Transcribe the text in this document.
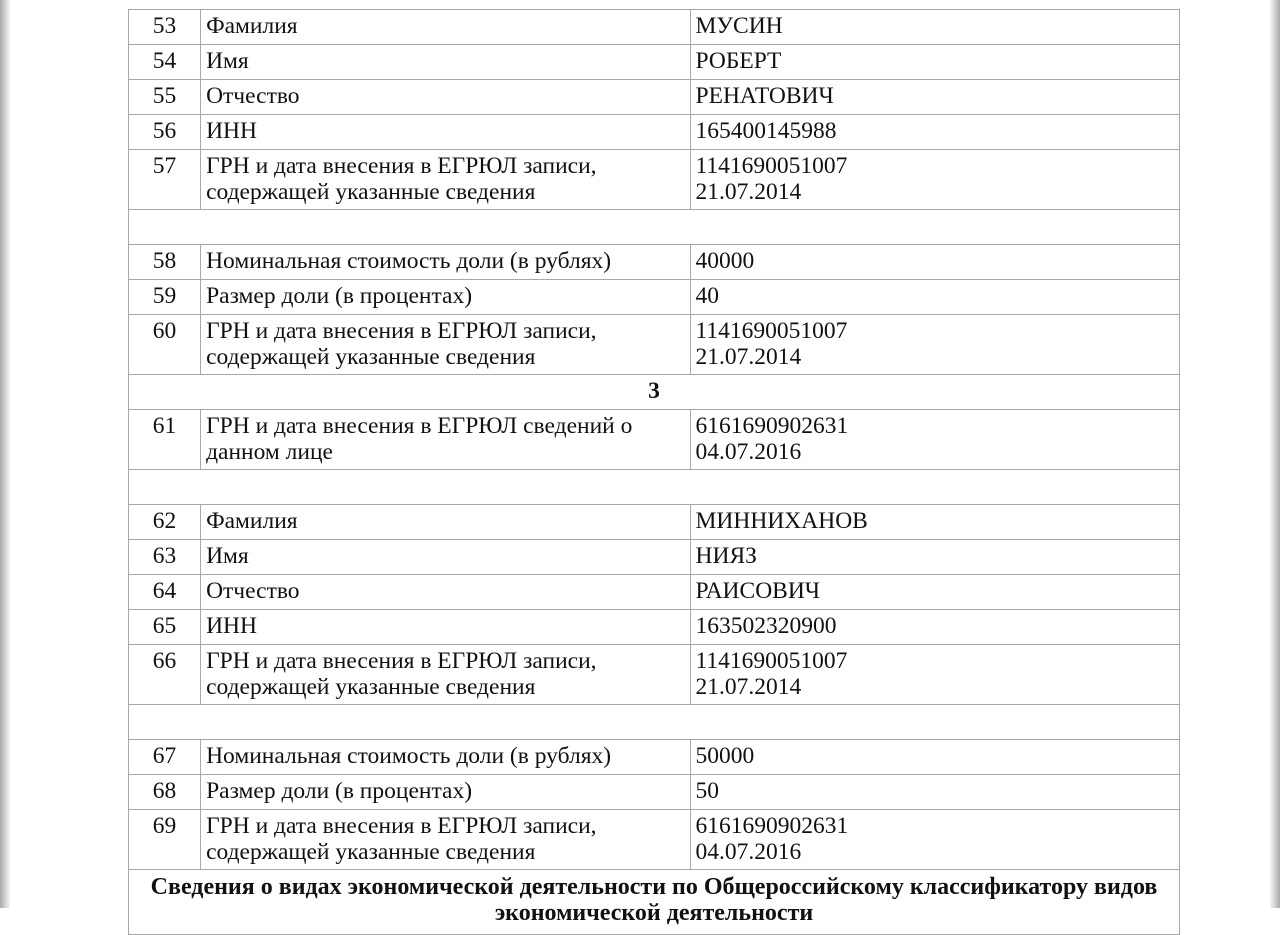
53	Фамилия	МУСИН

54	Имя	РОБЕРТ

55	Отчество	РЕНАТОВИЧ

56	ИНН	165400145988

57	ГРН и дата внесения в ЕГРЮЛ записи, содержащей указанные сведения	1141690051007
21.07.2014

58	Номинальная стоимость доли (в рублях)	40000

59	Размер доли (в процентах)	40

60	ГРН и дата внесения в ЕГРЮЛ записи, содержащей указанные сведения	1141690051007
21.07.2014

3		

61	ГРН и дата внесения в ЕГРЮЛ сведений о данном лице	6161690902631
04.07.2016

62	Фамилия	МИННИХАНОВ

63	Имя	НИЯЗ

64	Отчество	РАИСОВИЧ

65	ИНН	163502320900

66	ГРН и дата внесения в ЕГРЮЛ записи, содержащей указанные сведения	1141690051007
21.07.2014

67	Номинальная стоимость доли (в рублях)	50000

68	Размер доли (в процентах)	50

69	ГРН и дата внесения в ЕГРЮЛ записи, содержащей указанные сведения	6161690902631
04.07.2016

Сведения о видах экономической деятельности по Общероссийскому классификатору видов экономической деятельности		
